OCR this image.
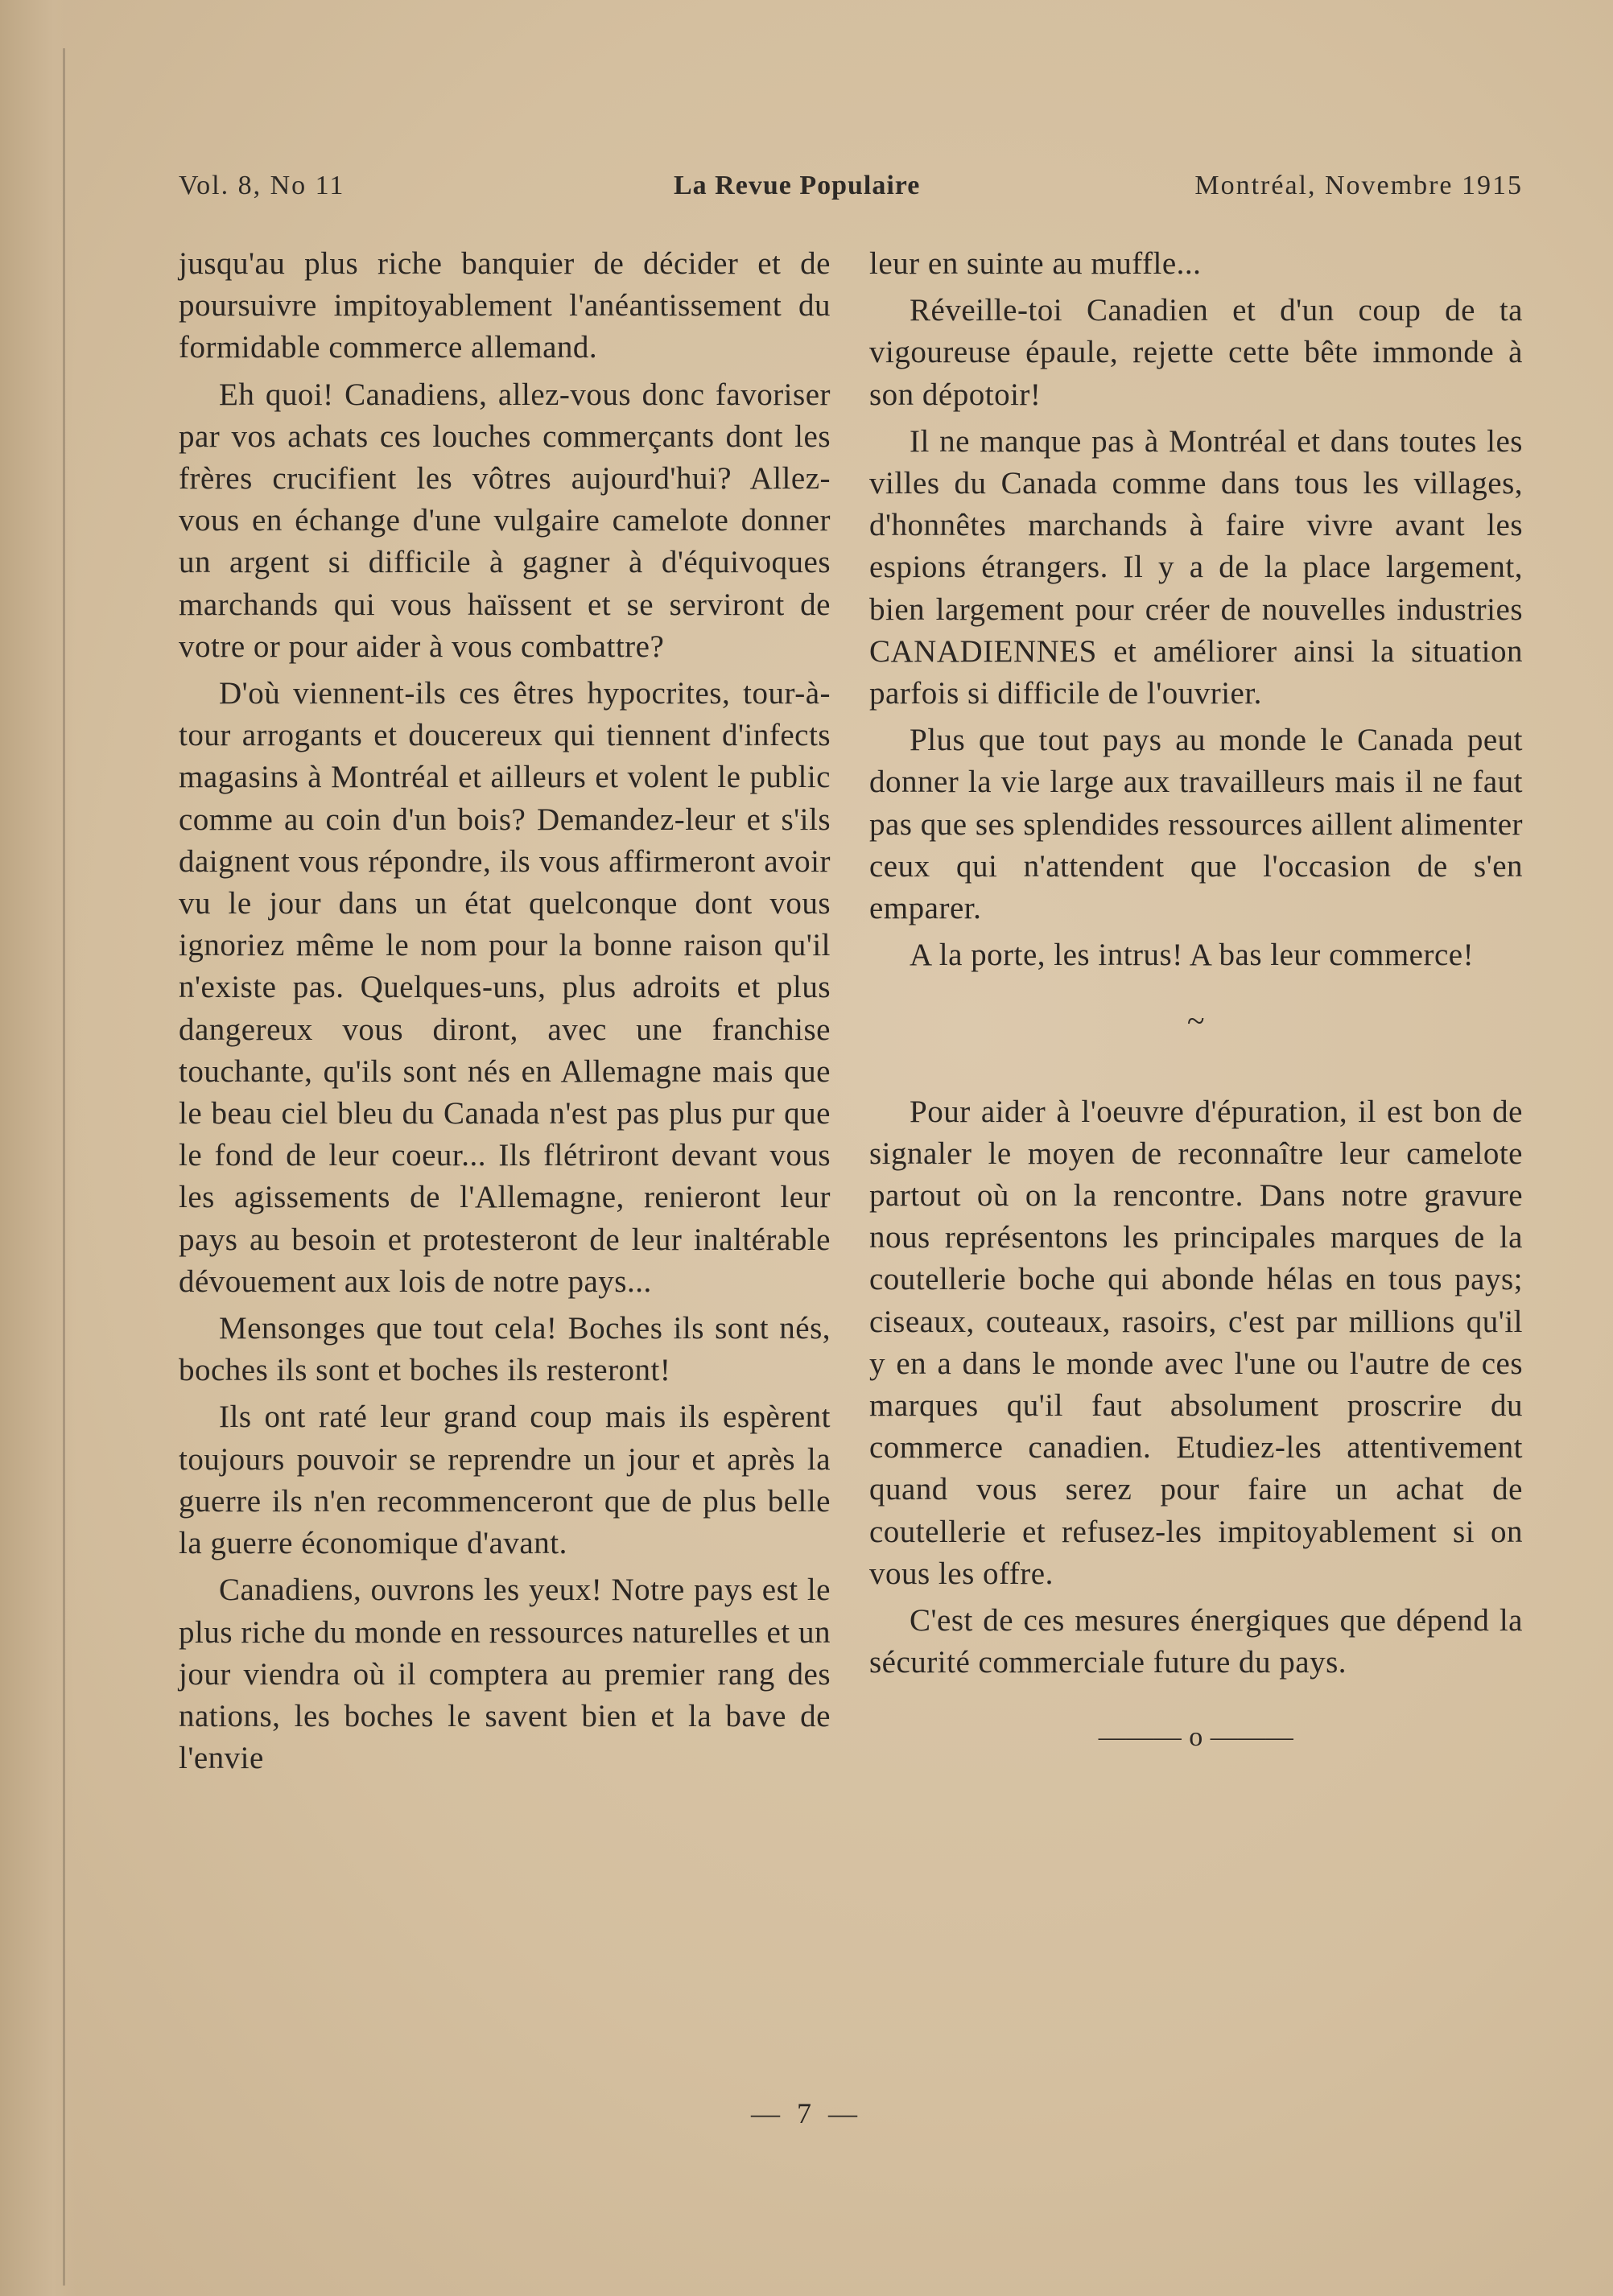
Vol. 8, No 11	La Revue Populaire	Montréal, Novembre 1915

jusqu'au plus riche banquier de décider et de poursuivre impitoyablement l'anéantissement du formidable commerce allemand.

Eh quoi! Canadiens, allez-vous donc favoriser par vos achats ces louches commerçants dont les frères crucifient les vôtres aujourd'hui? Allez-vous en échange d'une vulgaire camelote donner un argent si difficile à gagner à d'équivoques marchands qui vous haïssent et se serviront de votre or pour aider à vous combattre?

D'où viennent-ils ces êtres hypocrites, tour-à-tour arrogants et doucereux qui tiennent d'infects magasins à Montréal et ailleurs et volent le public comme au coin d'un bois? Demandez-leur et s'ils daignent vous répondre, ils vous affirmeront avoir vu le jour dans un état quelconque dont vous ignoriez même le nom pour la bonne raison qu'il n'existe pas. Quelques-uns, plus adroits et plus dangereux vous diront, avec une franchise touchante, qu'ils sont nés en Allemagne mais que le beau ciel bleu du Canada n'est pas plus pur que le fond de leur coeur... Ils flétriront devant vous les agissements de l'Allemagne, renieront leur pays au besoin et protesteront de leur inaltérable dévouement aux lois de notre pays...

Mensonges que tout cela! Boches ils sont nés, boches ils sont et boches ils resteront!

Ils ont raté leur grand coup mais ils espèrent toujours pouvoir se reprendre un jour et après la guerre ils n'en recommenceront que de plus belle la guerre économique d'avant.

Canadiens, ouvrons les yeux! Notre pays est le plus riche du monde en ressources naturelles et un jour viendra où il comptera au premier rang des nations, les boches le savent bien et la bave de l'envie

leur en suinte au muffle...

Réveille-toi Canadien et d'un coup de ta vigoureuse épaule, rejette cette bête immonde à son dépotoir!

Il ne manque pas à Montréal et dans toutes les villes du Canada comme dans tous les villages, d'honnêtes marchands à faire vivre avant les espions étrangers. Il y a de la place largement, bien largement pour créer de nouvelles industries CANADIENNES et améliorer ainsi la situation parfois si difficile de l'ouvrier.

Plus que tout pays au monde le Canada peut donner la vie large aux travailleurs mais il ne faut pas que ses splendides ressources aillent alimenter ceux qui n'attendent que l'occasion de s'en emparer.

A la porte, les intrus! A bas leur commerce!

~

Pour aider à l'oeuvre d'épuration, il est bon de signaler le moyen de reconnaître leur camelote partout où on la rencontre. Dans notre gravure nous représentons les principales marques de la coutellerie boche qui abonde hélas en tous pays; ciseaux, couteaux, rasoirs, c'est par millions qu'il y en a dans le monde avec l'une ou l'autre de ces marques qu'il faut absolument proscrire du commerce canadien. Etudiez-les attentivement quand vous serez pour faire un achat de coutellerie et refusez-les impitoyablement si on vous les offre.

C'est de ces mesures énergiques que dépend la sécurité commerciale future du pays.

——— o ———
— 7 —
